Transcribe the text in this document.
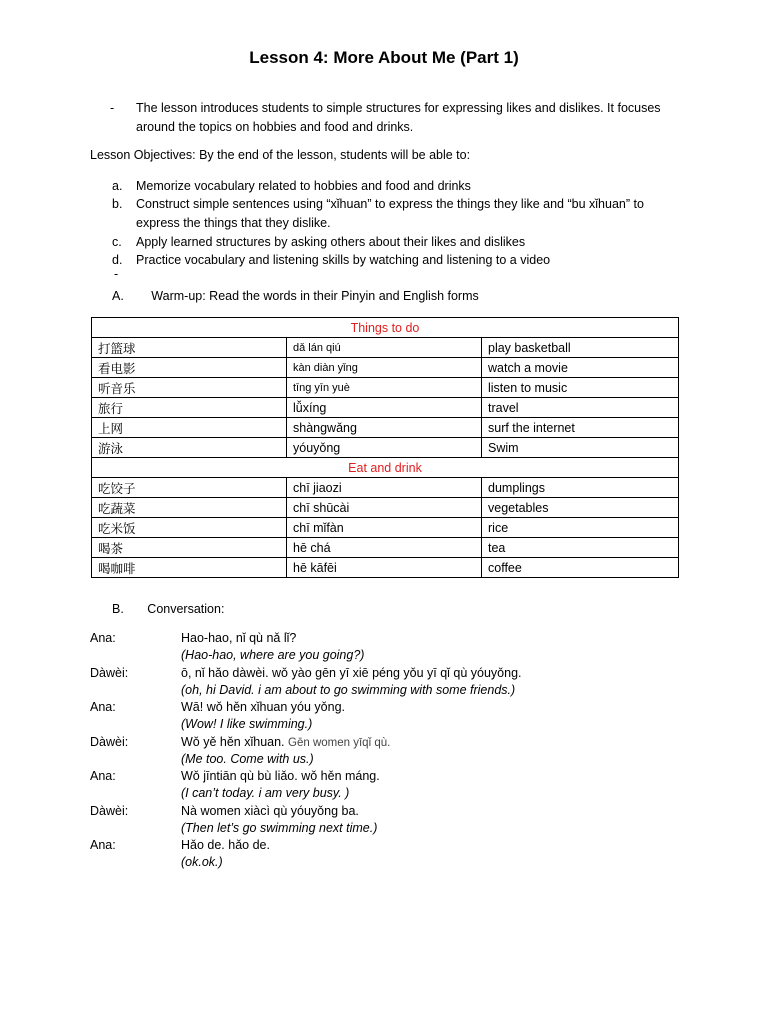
Lesson 4: More About Me (Part 1)
- The lesson introduces students to simple structures for expressing likes and dislikes. It focuses around the topics on hobbies and food and drinks.
Lesson Objectives: By the end of the lesson, students will be able to:
a. Memorize vocabulary related to hobbies and food and drinks
b. Construct simple sentences using “xǐhuan” to express the things they like and “bu xǐhuan” to express the things that they dislike.
c. Apply learned structures by asking others about their likes and dislikes
d. Practice vocabulary and listening skills by watching and listening to a video
-
A. Warm-up: Read the words in their Pinyin and English forms
Things to do		
打篮球	dǎ lán qiú	play basketball
看电影	kàn diàn yǐng	watch a movie
听音乐	tīng yīn yuè	listen to music
旅行	lǚxíng	travel
上网	shàngwǎng	surf the internet
游泳	yóuyǒng	Swim
Eat and drink		
吃饺子	chī jiaozi	dumplings
吃蔬菜	chī shūcài	vegetables
吃米饭	chī mǐfàn	rice
喝茶	hē chá	tea
喝咖啡	hē kāfēi	coffee
B. Conversation:
Ana:	Hao-hao, nǐ qù nǎ lǐ?
(Hao-hao, where are you going?)
Dàwèi:	ō, nǐ hǎo dàwèi. wǒ yào gēn yī xiē péng yǒu yī qǐ qù yóuyǒng.
(oh, hi David. i am about to go swimming with some friends.)
Ana:	Wā! wǒ hěn xǐhuan yóu yǒng.
(Wow! I like swimming.)
Dàwèi:	Wǒ yě hěn xǐhuan. Gēn women yīqǐ qù.
(Me too. Come with us.)
Ana:	Wǒ jīntiān qù bù liǎo. wǒ hěn máng.
(I can’t today. i am very busy. )
Dàwèi:	Nà women xiàcì qù yóuyǒng ba.
(Then let’s go swimming next time.)
Ana:	Hǎo de. hǎo de.
(ok.ok.)
